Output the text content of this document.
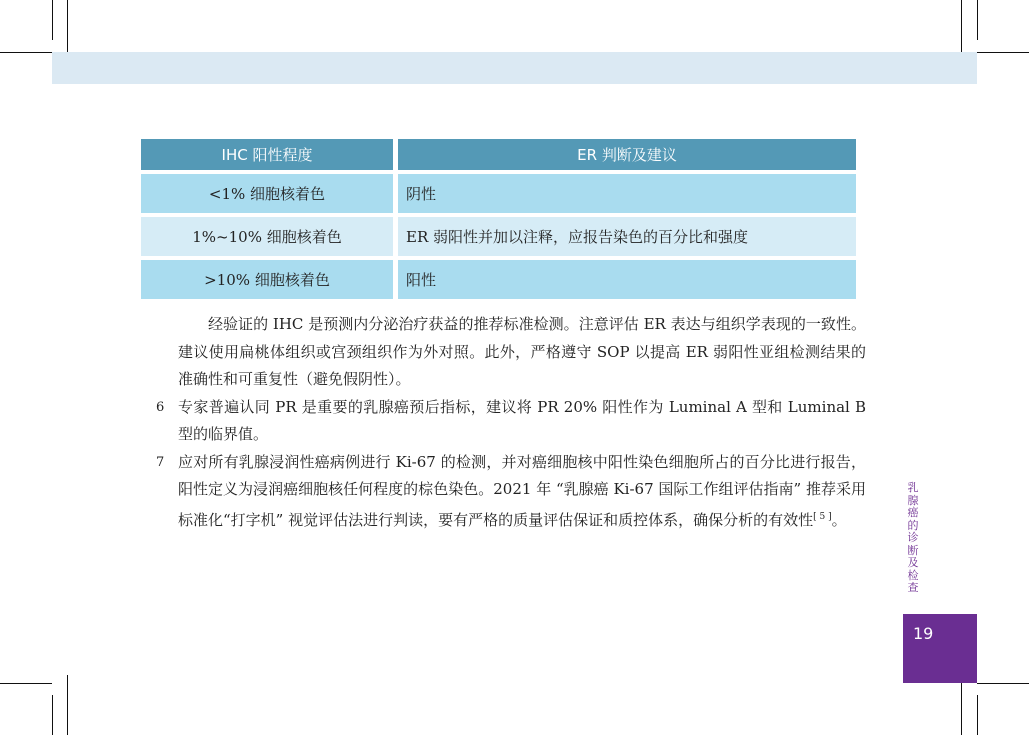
IHC 阳性程度	ER 判断及建议
<1% 细胞核着色	阴性
1%~10% 细胞核着色	ER 弱阳性并加以注释，应报告染色的百分比和强度
>10% 细胞核着色	阳性

经验证的 IHC 是预测内分泌治疗获益的推荐标准检测。注意评估 ER 表达与组织学表现的一致性。建议使用扁桃体组织或宫颈组织作为外对照。此外，严格遵守 SOP 以提高 ER 弱阳性亚组检测结果的准确性和可重复性（避免假阴性）。

6 专家普遍认同 PR 是重要的乳腺癌预后指标，建议将 PR 20% 阳性作为 Luminal A 型和 Luminal B 型的临界值。

7 应对所有乳腺浸润性癌病例进行 Ki-67 的检测，并对癌细胞核中阳性染色细胞所占的百分比进行报告，阳性定义为浸润癌细胞核任何程度的棕色染色。2021 年 “乳腺癌 Ki-67 国际工作组评估指南” 推荐采用标准化“打字机” 视觉评估法进行判读，要有严格的质量评估保证和质控体系，确保分析的有效性[ 5 ]。

乳腺癌的诊断及检查
19
